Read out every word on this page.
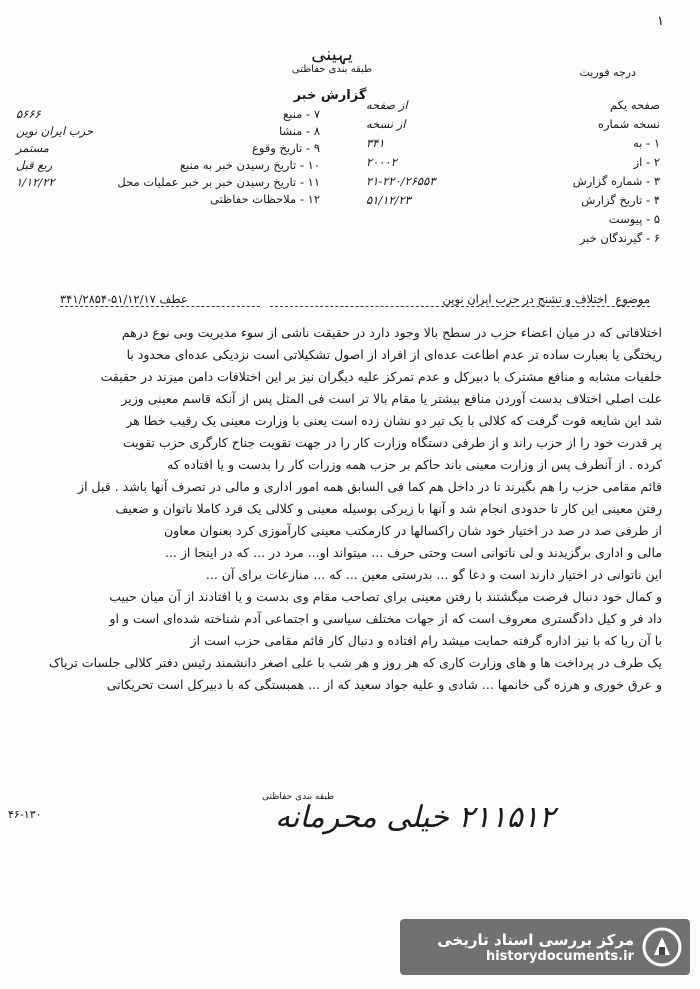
١
ی‍ہینی
طبقه بندی حفاظتی
گزارش خبر
درجه فوریت
صفحه یکم
از صفحه
نسخه شماره
از نسخه
۱ - به
۳۴۱
۲ - از
۲۰۰۰۲
۳ - شماره گزارش
۲۱-۲۲۰/۲۶۵۵۳
۴ - تاریخ گزارش
۵۱/۱۲/۲۳
۵ - پیوست
۶ - گیرندگان خبر
۷ - منبع
۵۶۶۶
۸ - منشا
حزب ایران نوین
۹ - تاریخ وقوع
مستمر
۱۰ - تاریخ رسیدن خبر به منبع
ربع قبل
۱۱ - تاریخ رسیدن خبر بر خبر عملیات محل
۱/۱۲/۲۲
۱۲ - ملاحظات حفاظتی
موضوع
اختلاف و تشنج در حزب ایران نوین
عطف ۵۱/۱۲/۱۷-۳۴۱/۲۸۵۴

اختلافاتی که در میان اعضاء حزب در سطح بالا وجود دارد در حقیقت ناشی از سوء مدیریت وبی نوع درهم

ریختگی یا بعبارت ساده تر عدم اطاعت عده‌ای از افراد از اصول تشکیلاتی است نزدیکی عده‌ای محدود با

خلفیات مشابه و منافع مشترک با دبیرکل و عدم تمرکز علیه دیگران نیز بر این اختلافات دامن میزند در حقیقت

علت اصلی اختلاف بدست آوردن منافع بیشتر یا مقام بالا تر است فی المثل پس از آنکه قاسم معینی وزیر

شد این شایعه قوت گرفت که کلالی با یک تیر دو نشان زده است یعنی با وزارت معینی یک رقیب خطا هر

پر قدرت خود را از حزب راند و از طرفی دستگاه وزارت کار را در جهت تقویت جناح کارگری حزب تقویت

کرده . از آنطرف پس از وزارت معینی باند حاکم بر حزب همه وزرات کار را بدست و یا افتاده که

قائم مقامی حزب را هم بگیرند تا در داخل هم کما فی السابق همه امور اداری و مالی در تصرف آنها باشد . قبل از

رفتن معینی این کار تا حدودی انجام شد و آنها با زیرکی بوسیله معینی و کلالی یک فرد کاملا ناتوان و ضعیف

از طرفی صد در صد در اختیار خود شان راکسالها در کارمکتب معینی کارآموزی کرد بعنوان معاون

مالی و اداری برگزیدند و لی ناتوانی است وحتی حرف ... میتواند او... مرد در ... که در اینجا از ...

این ناتوانی در اختیار دارند است و دعا گو ... بدرستی معین ... که ... منازعات برای آن ...

و کمال خود دنبال فرصت میگشتند با رفتن معینی برای تصاحب مقام وی بدست و یا افتادند از آن میان حبیب

داد فر و کیل دادگستری معروف است که از جهات مختلف سیاسی و اجتماعی آدم شناخته شده‌ای است و او

با آن ریا که با نیز اداره گرفته حمایت میشد رام افتاده و دنبال کار قائم مقامی حزب است از

یک طرف در پرداخت ها و های وزارت کاری که هر روز و هر شب با علی اصغر دانشمند رئیس دفتر کلالی جلسات تریاک

و عرق خوری و هرزه گی خانمها ... شادی و علیه جواد سعید که از ... همبستگی که با دبیرکل است تحریکاتی

۴۶-۱۳۰
طبقه بندی حفاظتی
۲۱۱۵۱۲ خیلی محرمانه
مرکز بررسی اسناد تاریخی
historydocuments.ir
